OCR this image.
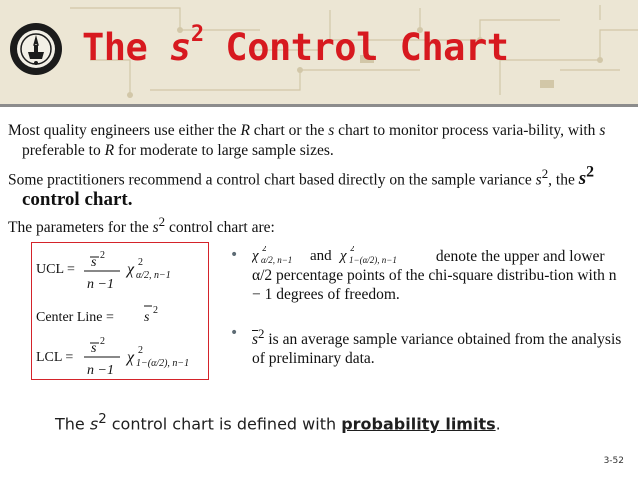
The $s^2$ Control Chart
Most quality engineers use either the R chart or the s chart to monitor process varia-bility, with s preferable to R for moderate to large sample sizes.
Some practitioners recommend a control chart based directly on the sample variance $s^2$, the $s^2$ control chart.
The parameters for the $s^2$ control chart are:
UCL = s 2
n −1
χ 2
α/2, n−1
Center Line = s 2
LCL =
s 2
n −1
χ 2
1−(α/2), n−1
• χ 2
α/2, n−1 and χ 2
1−(α/2), n−1 denote the upper and lower α/2 percentage points of the chi-square distribu-tion with n − 1 degrees of freedom.
• $\overline{s}^2$ is an average sample variance obtained from the analysis of preliminary data.
The $s^2$ control chart is defined with probability limits.
3-52
